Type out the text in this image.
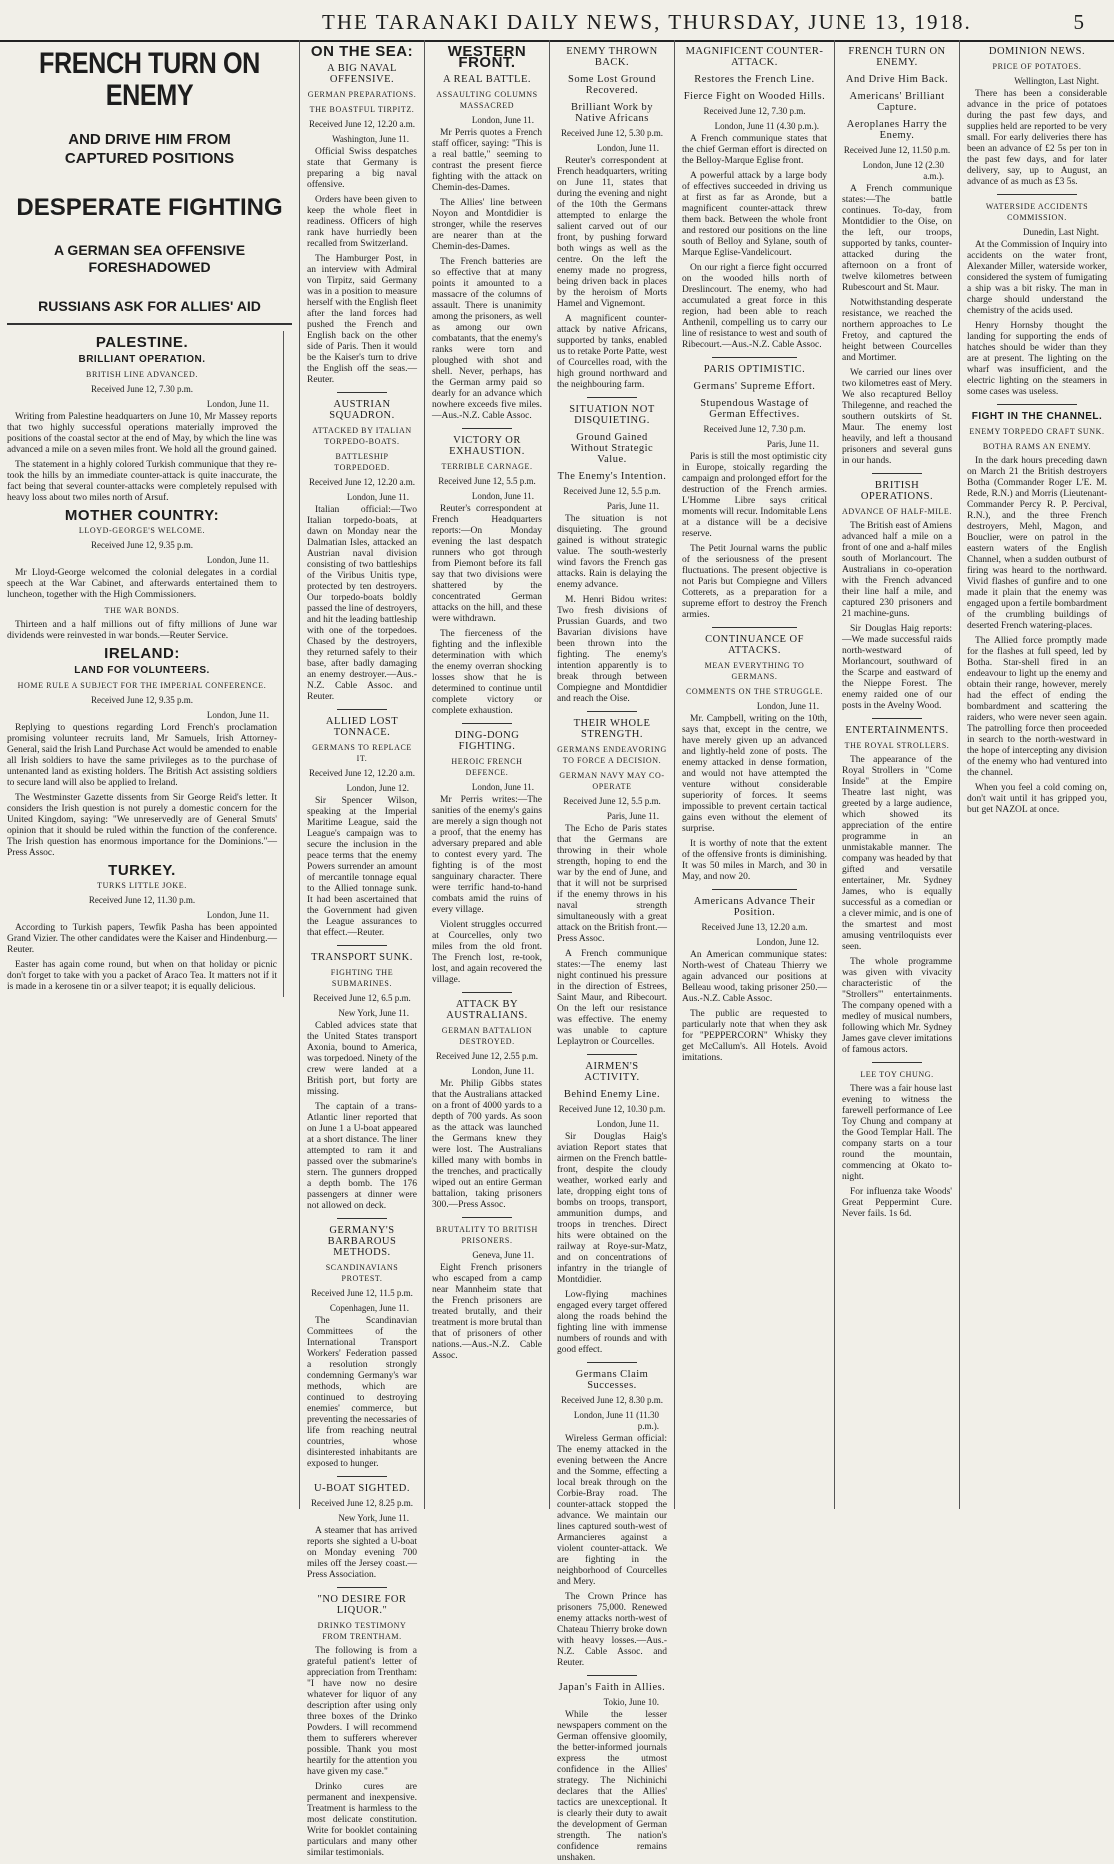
THE TARANAKI DAILY NEWS, THURSDAY, JUNE 13, 1918.	5
FRENCH TURN ON ENEMY
AND DRIVE HIM FROM CAPTURED POSITIONS
DESPERATE FIGHTING
A GERMAN SEA OFFENSIVE FORESHADOWED
RUSSIANS ASK FOR ALLIES' AID
PALESTINE.
BRILLIANT OPERATION.
BRITISH LINE ADVANCED.
Received June 12, 7.30 p.m.
London, June 11.

Writing from Palestine headquarters on June 10, Mr Massey reports that two highly successful operations materially improved the positions of the coastal sector at the end of May, by which the line was advanced a mile on a seven miles front. We hold all the ground gained.

The statement in a highly colored Turkish communique that they re-took the hills by an immediate counter-attack is quite inaccurate, the fact being that several counter-attacks were completely repulsed with heavy loss about two miles north of Arsuf.

MOTHER COUNTRY:
LLOYD-GEORGE'S WELCOME.
Received June 12, 9.35 p.m.
London, June 11.

Mr Lloyd-George welcomed the colonial delegates in a cordial speech at the War Cabinet, and afterwards entertained them to luncheon, together with the High Commissioners.

THE WAR BONDS.

Thirteen and a half millions out of fifty millions of June war dividends were reinvested in war bonds.—Reuter Service.

IRELAND:
LAND FOR VOLUNTEERS.
HOME RULE A SUBJECT FOR THE IMPERIAL CONFERENCE.
Received June 12, 9.35 p.m.
London, June 11.

Replying to questions regarding Lord French's proclamation promising volunteer recruits land, Mr Samuels, Irish Attorney-General, said the Irish Land Purchase Act would be amended to enable all Irish soldiers to have the same privileges as to the purchase of untenanted land as existing holders. The British Act assisting soldiers to secure land will also be applied to Ireland.

The Westminster Gazette dissents from Sir George Reid's letter. It considers the Irish question is not purely a domestic concern for the United Kingdom, saying: "We unreservedly are of General Smuts' opinion that it should be ruled within the function of the conference. The Irish question has enormous importance for the Dominions."—Press Assoc.

TURKEY.
TURKS LITTLE JOKE.
Received June 12, 11.30 p.m.
London, June 11.

According to Turkish papers, Tewfik Pasha has been appointed Grand Vizier. The other candidates were the Kaiser and Hindenburg.—Reuter.

Easter has again come round, but when on that holiday or picnic don't forget to take with you a packet of Araco Tea. It matters not if it is made in a kerosene tin or a silver teapot; it is equally delicious.

ON THE SEA:
A BIG NAVAL OFFENSIVE.
GERMAN PREPARATIONS.
THE BOASTFUL TIRPITZ.
Received June 12, 12.20 a.m.
Washington, June 11.

Official Swiss despatches state that Germany is preparing a big naval offensive.

Orders have been given to keep the whole fleet in readiness. Officers of high rank have hurriedly been recalled from Switzerland.

The Hamburger Post, in an interview with Admiral von Tirpitz, said Germany was in a position to measure herself with the English fleet after the land forces had pushed the French and English back on the other side of Paris. Then it would be the Kaiser's turn to drive the English off the seas.—Reuter.

AUSTRIAN SQUADRON.
ATTACKED BY ITALIAN TORPEDO-BOATS.
BATTLESHIP TORPEDOED.
Received June 12, 12.20 a.m.
London, June 11.

Italian official:—Two Italian torpedo-boats, at dawn on Monday near the Dalmatian Isles, attacked an Austrian naval division consisting of two battleships of the Viribus Unitis type, protected by ten destroyers. Our torpedo-boats boldly passed the line of destroyers, and hit the leading battleship with one of the torpedoes. Chased by the destroyers, they returned safely to their base, after badly damaging an enemy destroyer.—Aus.-N.Z. Cable Assoc. and Reuter.

ALLIED LOST TONNACE.
GERMANS TO REPLACE IT.
Received June 12, 12.20 a.m.
London, June 12.

Sir Spencer Wilson, speaking at the Imperial Maritime League, said the League's campaign was to secure the inclusion in the peace terms that the enemy Powers surrender an amount of mercantile tonnage equal to the Allied tonnage sunk. It had been ascertained that the Government had given the League assurances to that effect.—Reuter.

TRANSPORT SUNK.
FIGHTING THE SUBMARINES.
Received June 12, 6.5 p.m.
New York, June 11.

Cabled advices state that the United States transport Axonia, bound to America, was torpedoed. Ninety of the crew were landed at a British port, but forty are missing.

The captain of a trans-Atlantic liner reported that on June 1 a U-boat appeared at a short distance. The liner attempted to ram it and passed over the submarine's stern. The gunners dropped a depth bomb. The 176 passengers at dinner were not allowed on deck.

GERMANY'S BARBAROUS METHODS.
SCANDINAVIANS PROTEST.
Received June 12, 11.5 p.m.
Copenhagen, June 11.

The Scandinavian Committees of the International Transport Workers' Federation passed a resolution strongly condemning Germany's war methods, which are continued to destroying enemies' commerce, but preventing the necessaries of life from reaching neutral countries, whose disinterested inhabitants are exposed to hunger.

U-BOAT SIGHTED.
Received June 12, 8.25 p.m.
New York, June 11.

A steamer that has arrived reports she sighted a U-boat on Monday evening 700 miles off the Jersey coast.—Press Association.

"NO DESIRE FOR LIQUOR."
DRINKO TESTIMONY FROM TRENTHAM.

The following is from a grateful patient's letter of appreciation from Trentham: "I have now no desire whatever for liquor of any description after using only three boxes of the Drinko Powders. I will recommend them to sufferers wherever possible. Thank you most heartily for the attention you have given my case."

Drinko cures are permanent and inexpensive. Treatment is harmless to the most delicate constitution. Write for booklet containing particulars and many other similar testimonials.

WESTERN FRONT.
A REAL BATTLE.
ASSAULTING COLUMNS MASSACRED
London, June 11.

Mr Perris quotes a French staff officer, saying: "This is a real battle," seeming to contrast the present fierce fighting with the attack on Chemin-des-Dames.

The Allies' line between Noyon and Montdidier is stronger, while the reserves are nearer than at the Chemin-des-Dames.

The French batteries are so effective that at many points it amounted to a massacre of the columns of assault. There is unanimity among the prisoners, as well as among our own combatants, that the enemy's ranks were torn and ploughed with shot and shell. Never, perhaps, has the German army paid so dearly for an advance which nowhere exceeds five miles.—Aus.-N.Z. Cable Assoc.

VICTORY OR EXHAUSTION.
TERRIBLE CARNAGE.
Received June 12, 5.5 p.m.
London, June 11.

Reuter's correspondent at French Headquarters reports:—On Monday evening the last despatch runners who got through from Piemont before its fall say that two divisions were shattered by the concentrated German attacks on the hill, and these were withdrawn.

The fierceness of the fighting and the inflexible determination with which the enemy overran shocking losses show that he is determined to continue until complete victory or complete exhaustion.

DING-DONG FIGHTING.
HEROIC FRENCH DEFENCE.
London, June 11.

Mr Perris writes:—The sanities of the enemy's gains are merely a sign though not a proof, that the enemy has adversary prepared and able to contest every yard. The fighting is of the most sanguinary character. There were terrific hand-to-hand combats amid the ruins of every village.

Violent struggles occurred at Courcelles, only two miles from the old front. The French lost, re-took, lost, and again recovered the village.

ATTACK BY AUSTRALIANS.
GERMAN BATTALION DESTROYED.
Received June 12, 2.55 p.m.
London, June 11.

Mr. Philip Gibbs states that the Australians attacked on a front of 4000 yards to a depth of 700 yards. As soon as the attack was launched the Germans knew they were lost. The Australians killed many with bombs in the trenches, and practically wiped out an entire German battalion, taking prisoners 300.—Press Assoc.

BRUTALITY TO BRITISH PRISONERS.
Geneva, June 11.

Eight French prisoners who escaped from a camp near Mannheim state that the French prisoners are treated brutally, and their treatment is more brutal than that of prisoners of other nations.—Aus.-N.Z. Cable Assoc.

ENEMY THROWN BACK.
Some Lost Ground Recovered.
Brilliant Work by Native Africans
Received June 12, 5.30 p.m.
London, June 11.

Reuter's correspondent at French headquarters, writing on June 11, states that during the evening and night of the 10th the Germans attempted to enlarge the salient carved out of our front, by pushing forward both wings as well as the centre. On the left the enemy made no progress, being driven back in places by the heroism of Morts Hamel and Vignemont.

A magnificent counter-attack by native Africans, supported by tanks, enabled us to retake Porte Patte, west of Courcelles road, with the high ground northward and the neighbouring farm.

SITUATION NOT DISQUIETING.
Ground Gained Without Strategic Value.
The Enemy's Intention.
Received June 12, 5.5 p.m.
Paris, June 11.

The situation is not disquieting. The ground gained is without strategic value. The south-westerly wind favors the French gas attacks. Rain is delaying the enemy advance.

M. Henri Bidou writes: Two fresh divisions of Prussian Guards, and two Bavarian divisions have been thrown into the fighting. The enemy's intention apparently is to break through between Compiegne and Montdidier and reach the Oise.

THEIR WHOLE STRENGTH.
GERMANS ENDEAVORING TO FORCE A DECISION.
GERMAN NAVY MAY CO-OPERATE
Received June 12, 5.5 p.m.
Paris, June 11.

The Echo de Paris states that the Germans are throwing in their whole strength, hoping to end the war by the end of June, and that it will not be surprised if the enemy throws in his naval strength simultaneously with a great attack on the British front.—Press Assoc.

A French communique states:—The enemy last night continued his pressure in the direction of Estrees, Saint Maur, and Ribecourt. On the left our resistance was effective. The enemy was unable to capture Leplaytron or Courcelles.

AIRMEN'S ACTIVITY.
Behind Enemy Line.
Received June 12, 10.30 p.m.
London, June 11.

Sir Douglas Haig's aviation Report states that airmen on the French battle-front, despite the cloudy weather, worked early and late, dropping eight tons of bombs on troops, transport, ammunition dumps, and troops in trenches. Direct hits were obtained on the railway at Roye-sur-Matz, and on concentrations of infantry in the triangle of Montdidier.

Low-flying machines engaged every target offered along the roads behind the fighting line with immense numbers of rounds and with good effect.

Germans Claim Successes.
Received June 12, 8.30 p.m.
London, June 11 (11.30 p.m.).

Wireless German official: The enemy attacked in the evening between the Ancre and the Somme, effecting a local break through on the Corbie-Bray road. The counter-attack stopped the advance. We maintain our lines captured south-west of Armancieres against a violent counter-attack. We are fighting in the neighborhood of Courcelles and Mery.

The Crown Prince has prisoners 75,000. Renewed enemy attacks north-west of Chateau Thierry broke down with heavy losses.—Aus.-N.Z. Cable Assoc. and Reuter.

Japan's Faith in Allies.
Tokio, June 10.

While the lesser newspapers comment on the German offensive gloomily, the better-informed journals express the utmost confidence in the Allies' strategy. The Nichinichi declares that the Allies' tactics are unexceptional. It is clearly their duty to await the development of German strength. The nation's confidence remains unshaken.

MAGNIFICENT COUNTER-ATTACK.
Restores the French Line.
Fierce Fight on Wooded Hills.
Received June 12, 7.30 p.m.
London, June 11 (4.30 p.m.).

A French communique states that the chief German effort is directed on the Belloy-Marque Eglise front.

A powerful attack by a large body of effectives succeeded in driving us at first as far as Aronde, but a magnificent counter-attack threw them back. Between the whole front and restored our positions on the line south of Belloy and Sylane, south of Marque Eglise-Vandelicourt.

On our right a fierce fight occurred on the wooded hills north of Dreslincourt. The enemy, who had accumulated a great force in this region, had been able to reach Anthenil, compelling us to carry our line of resistance to west and south of Ribecourt.—Aus.-N.Z. Cable Assoc.

PARIS OPTIMISTIC.
Germans' Supreme Effort.
Stupendous Wastage of German Effectives.
Received June 12, 7.30 p.m.
Paris, June 11.

Paris is still the most optimistic city in Europe, stoically regarding the campaign and prolonged effort for the destruction of the French armies. L'Homme Libre says critical moments will recur. Indomitable Lens at a distance will be a decisive reserve.

The Petit Journal warns the public of the seriousness of the present fluctuations. The present objective is not Paris but Compiegne and Villers Cotterets, as a preparation for a supreme effort to destroy the French armies.

CONTINUANCE OF ATTACKS.
MEAN EVERYTHING TO GERMANS.
COMMENTS ON THE STRUGGLE.
London, June 11.

Mr. Campbell, writing on the 10th, says that, except in the centre, we have merely given up an advanced and lightly-held zone of posts. The enemy attacked in dense formation, and would not have attempted the venture without considerable superiority of forces. It seems impossible to prevent certain tactical gains even without the element of surprise.

It is worthy of note that the extent of the offensive fronts is diminishing. It was 50 miles in March, and 30 in May, and now 20.

Americans Advance Their Position.
Received June 13, 12.20 a.m.
London, June 12.

An American communique states: North-west of Chateau Thierry we again advanced our positions at Belleau wood, taking prisoner 250.—Aus.-N.Z. Cable Assoc.

The public are requested to particularly note that when they ask for "PEPPERCORN" Whisky they get McCallum's. All Hotels. Avoid imitations.

FRENCH TURN ON ENEMY.
And Drive Him Back.
Americans' Brilliant Capture.
Aeroplanes Harry the Enemy.
Received June 12, 11.50 p.m.
London, June 12 (2.30 a.m.).

A French communique states:—The battle continues. To-day, from Montdidier to the Oise, on the left, our troops, supported by tanks, counter-attacked during the afternoon on a front of twelve kilometres between Rubescourt and St. Maur.

Notwithstanding desperate resistance, we reached the northern approaches to Le Fretoy, and captured the height between Courcelles and Mortimer.

We carried our lines over two kilometres east of Mery. We also recaptured Belloy Thilegenne, and reached the southern outskirts of St. Maur. The enemy lost heavily, and left a thousand prisoners and several guns in our hands.

BRITISH OPERATIONS.
ADVANCE OF HALF-MILE.

The British east of Amiens advanced half a mile on a front of one and a-half miles south of Morlancourt. The Australians in co-operation with the French advanced their line half a mile, and captured 230 prisoners and 21 machine-guns.

Sir Douglas Haig reports:—We made successful raids north-westward of Morlancourt, southward of the Scarpe and eastward of the Nieppe Forest. The enemy raided one of our posts in the Avelny Wood.

ENTERTAINMENTS.
THE ROYAL STROLLERS.

The appearance of the Royal Strollers in "Come Inside" at the Empire Theatre last night, was greeted by a large audience, which showed its appreciation of the entire programme in an unmistakable manner. The company was headed by that gifted and versatile entertainer, Mr. Sydney James, who is equally successful as a comedian or a clever mimic, and is one of the smartest and most amusing ventriloquists ever seen.

The whole programme was given with vivacity characteristic of the "Strollers'" entertainments. The company opened with a medley of musical numbers, following which Mr. Sydney James gave clever imitations of famous actors.

LEE TOY CHUNG.

There was a fair house last evening to witness the farewell performance of Lee Toy Chung and company at the Good Templar Hall. The company starts on a tour round the mountain, commencing at Okato to-night.

For influenza take Woods' Great Peppermint Cure. Never fails. 1s 6d.

DOMINION NEWS.
PRICE OF POTATOES.
Wellington, Last Night.

There has been a considerable advance in the price of potatoes during the past few days, and supplies held are reported to be very small. For early deliveries there has been an advance of £2 5s per ton in the past few days, and for later delivery, say, up to August, an advance of as much as £3 5s.

WATERSIDE ACCIDENTS COMMISSION.
Dunedin, Last Night.

At the Commission of Inquiry into accidents on the water front, Alexander Miller, waterside worker, considered the system of fumigating a ship was a bit risky. The man in charge should understand the chemistry of the acids used.

Henry Hornsby thought the landing for supporting the ends of hatches should be wider than they are at present. The lighting on the wharf was insufficient, and the electric lighting on the steamers in some cases was useless.

FIGHT IN THE CHANNEL.
ENEMY TORPEDO CRAFT SUNK.
BOTHA RAMS AN ENEMY.

In the dark hours preceding dawn on March 21 the British destroyers Botha (Commander Roger L'E. M. Rede, R.N.) and Morris (Lieutenant-Commander Percy R. P. Percival, R.N.), and the three French destroyers, Mehl, Magon, and Bouclier, were on patrol in the eastern waters of the English Channel, when a sudden outburst of firing was heard to the northward. Vivid flashes of gunfire and to one made it plain that the enemy was engaged upon a fertile bombardment of the crumbling buildings of deserted French watering-places.

The Allied force promptly made for the flashes at full speed, led by Botha. Star-shell fired in an endeavour to light up the enemy and obtain their range, however, merely had the effect of ending the bombardment and scattering the raiders, who were never seen again. The patrolling force then proceeded in search to the north-westward in the hope of intercepting any division of the enemy who had ventured into the channel.

When you feel a cold coming on, don't wait until it has gripped you, but get NAZOL at once.
